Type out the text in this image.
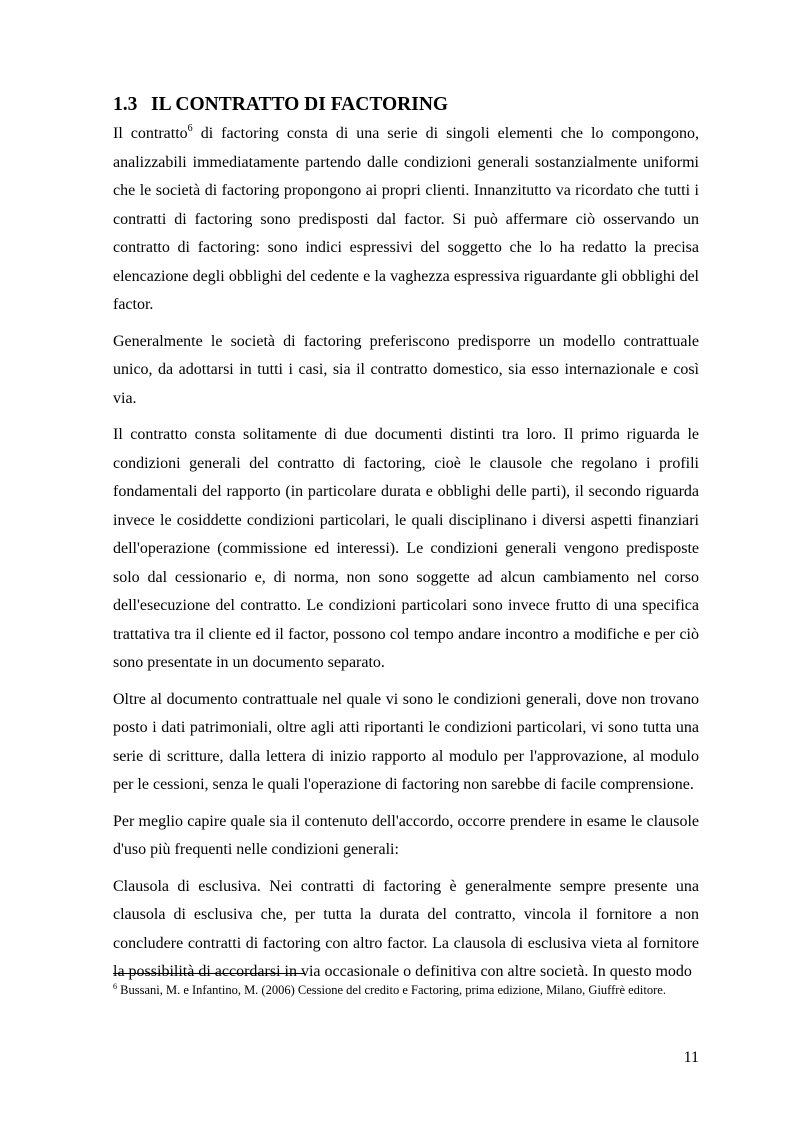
1.3 IL CONTRATTO DI FACTORING

Il contratto$^6$ di factoring consta di una serie di singoli elementi che lo compongono, analizzabili immediatamente partendo dalle condizioni generali sostanzialmente uniformi che le società di factoring propongono ai propri clienti. Innanzitutto va ricordato che tutti i contratti di factoring sono predisposti dal factor. Si può affermare ciò osservando un contratto di factoring: sono indici espressivi del soggetto che lo ha redatto la precisa elencazione degli obblighi del cedente e la vaghezza espressiva riguardante gli obblighi del factor.

Generalmente le società di factoring preferiscono predisporre un modello contrattuale unico, da adottarsi in tutti i casi, sia il contratto domestico, sia esso internazionale e così via.

Il contratto consta solitamente di due documenti distinti tra loro. Il primo riguarda le condizioni generali del contratto di factoring, cioè le clausole che regolano i profili fondamentali del rapporto (in particolare durata e obblighi delle parti), il secondo riguarda invece le cosiddette condizioni particolari, le quali disciplinano i diversi aspetti finanziari dell'operazione (commissione ed interessi). Le condizioni generali vengono predisposte solo dal cessionario e, di norma, non sono soggette ad alcun cambiamento nel corso dell'esecuzione del contratto. Le condizioni particolari sono invece frutto di una specifica trattativa tra il cliente ed il factor, possono col tempo andare incontro a modifiche e per ciò sono presentate in un documento separato.

Oltre al documento contrattuale nel quale vi sono le condizioni generali, dove non trovano posto i dati patrimoniali, oltre agli atti riportanti le condizioni particolari, vi sono tutta una serie di scritture, dalla lettera di inizio rapporto al modulo per l'approvazione, al modulo per le cessioni, senza le quali l'operazione di factoring non sarebbe di facile comprensione.

Per meglio capire quale sia il contenuto dell'accordo, occorre prendere in esame le clausole d'uso più frequenti nelle condizioni generali:

Clausola di esclusiva. Nei contratti di factoring è generalmente sempre presente una clausola di esclusiva che, per tutta la durata del contratto, vincola il fornitore a non concludere contratti di factoring con altro factor. La clausola di esclusiva vieta al fornitore la possibilità di accordarsi in via occasionale o definitiva con altre società. In questo modo

$^6$ Bussani, M. e Infantino, M. (2006) Cessione del credito e Factoring, prima edizione, Milano, Giuffrè editore.

11
